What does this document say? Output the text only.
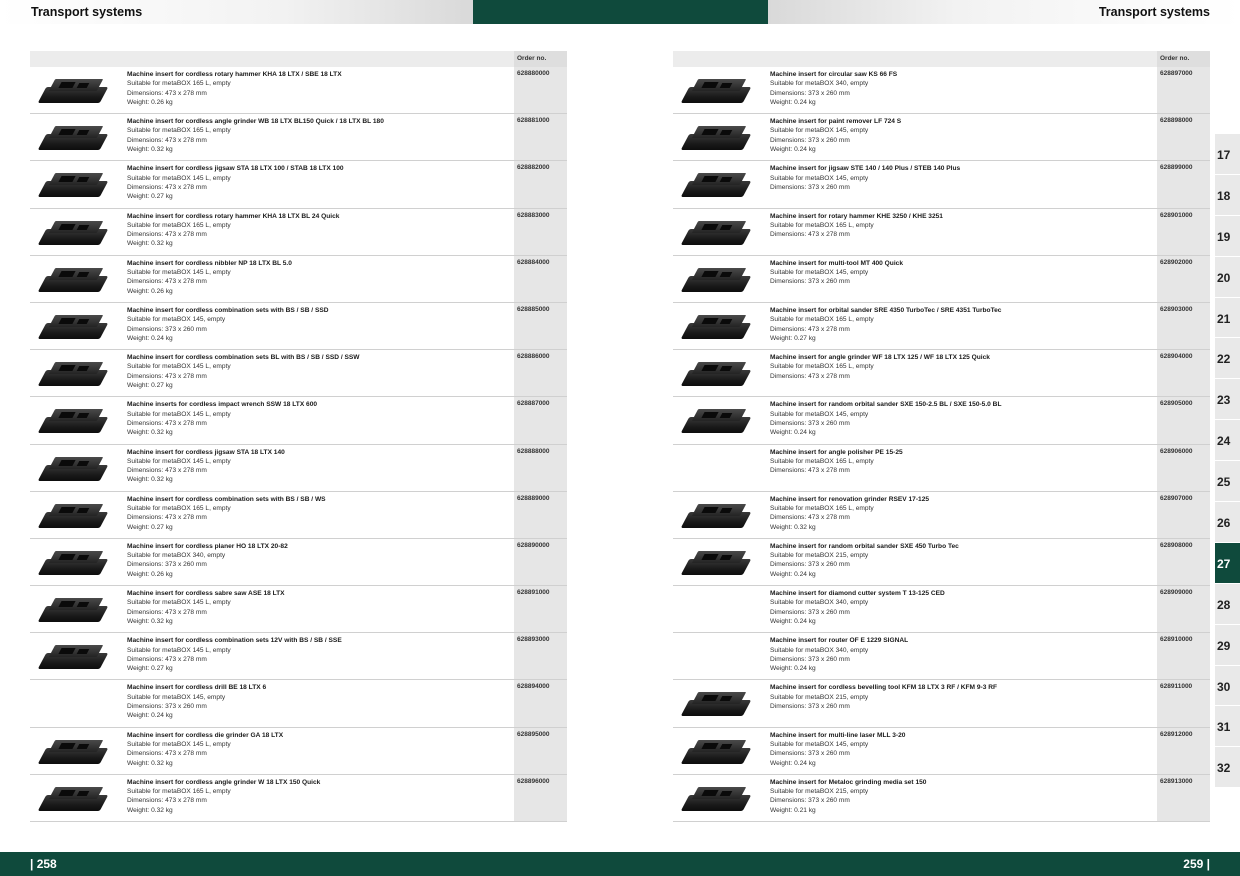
Transport systems	Transport systems
Order no.
Machine insert for cordless rotary hammer KHA 18 LTX / SBE 18 LTX
Suitable for metaBOX 165 L, empty
Dimensions: 473 x 278 mm
Weight: 0.26 kg
628880000
Machine insert for cordless angle grinder WB 18 LTX BL150 Quick / 18 LTX BL 180
Suitable for metaBOX 165 L, empty
Dimensions: 473 x 278 mm
Weight: 0.32 kg
628881000
Machine insert for cordless jigsaw STA 18 LTX 100 / STAB 18 LTX 100
Suitable for metaBOX 145 L, empty
Dimensions: 473 x 278 mm
Weight: 0.27 kg
628882000
Machine insert for cordless rotary hammer KHA 18 LTX BL 24 Quick
Suitable for metaBOX 165 L, empty
Dimensions: 473 x 278 mm
Weight: 0.32 kg
628883000
Machine insert for cordless nibbler NP 18 LTX BL 5.0
Suitable for metaBOX 145 L, empty
Dimensions: 473 x 278 mm
Weight: 0.26 kg
628884000
Machine insert for cordless combination sets with BS / SB / SSD
Suitable for metaBOX 145, empty
Dimensions: 373 x 260 mm
Weight: 0.24 kg
628885000
Machine insert for cordless combination sets BL with BS / SB / SSD / SSW
Suitable for metaBOX 145 L, empty
Dimensions: 473 x 278 mm
Weight: 0.27 kg
628886000
Machine inserts for cordless impact wrench SSW 18 LTX 600
Suitable for metaBOX 145 L, empty
Dimensions: 473 x 278 mm
Weight: 0.32 kg
628887000
Machine insert for cordless jigsaw STA 18 LTX 140
Suitable for metaBOX 145 L, empty
Dimensions: 473 x 278 mm
Weight: 0.32 kg
628888000
Machine insert for cordless combination sets with BS / SB / WS
Suitable for metaBOX 165 L, empty
Dimensions: 473 x 278 mm
Weight: 0.27 kg
628889000
Machine insert for cordless planer HO 18 LTX 20-82
Suitable for metaBOX 340, empty
Dimensions: 373 x 260 mm
Weight: 0.26 kg
628890000
Machine insert for cordless sabre saw ASE 18 LTX
Suitable for metaBOX 145 L, empty
Dimensions: 473 x 278 mm
Weight: 0.32 kg
628891000
Machine insert for cordless combination sets 12V with BS / SB / SSE
Suitable for metaBOX 145 L, empty
Dimensions: 473 x 278 mm
Weight: 0.27 kg
628893000
Machine insert for cordless drill BE 18 LTX 6
Suitable for metaBOX 145, empty
Dimensions: 373 x 260 mm
Weight: 0.24 kg
628894000
Machine insert for cordless die grinder GA 18 LTX
Suitable for metaBOX 145 L, empty
Dimensions: 473 x 278 mm
Weight: 0.32 kg
628895000
Machine insert for cordless angle grinder W 18 LTX 150 Quick
Suitable for metaBOX 165 L, empty
Dimensions: 473 x 278 mm
Weight: 0.32 kg
628896000
Order no.
Machine insert for circular saw KS 66 FS
Suitable for metaBOX 340, empty
Dimensions: 373 x 260 mm
Weight: 0.24 kg
628897000
Machine insert for paint remover LF 724 S
Suitable for metaBOX 145, empty
Dimensions: 373 x 260 mm
Weight: 0.24 kg
628898000
Machine insert for jigsaw STE 140 / 140 Plus / STEB 140 Plus
Suitable for metaBOX 145, empty
Dimensions: 373 x 260 mm
628899000
Machine insert for rotary hammer KHE 3250 / KHE 3251
Suitable for metaBOX 165 L, empty
Dimensions: 473 x 278 mm
628901000
Machine insert for multi-tool MT 400 Quick
Suitable for metaBOX 145, empty
Dimensions: 373 x 260 mm
628902000
Machine insert for orbital sander SRE 4350 TurboTec / SRE 4351 TurboTec
Suitable for metaBOX 165 L, empty
Dimensions: 473 x 278 mm
Weight: 0.27 kg
628903000
Machine insert for angle grinder WF 18 LTX 125 / WF 18 LTX 125 Quick
Suitable for metaBOX 165 L, empty
Dimensions: 473 x 278 mm
628904000
Machine insert for random orbital sander SXE 150-2.5 BL / SXE 150-5.0 BL
Suitable for metaBOX 145, empty
Dimensions: 373 x 260 mm
Weight: 0.24 kg
628905000
Machine insert for angle polisher PE 15-25
Suitable for metaBOX 165 L, empty
Dimensions: 473 x 278 mm
628906000
Machine insert for renovation grinder RSEV 17-125
Suitable for metaBOX 165 L, empty
Dimensions: 473 x 278 mm
Weight: 0.32 kg
628907000
Machine insert for random orbital sander SXE 450 Turbo Tec
Suitable for metaBOX 215, empty
Dimensions: 373 x 260 mm
Weight: 0.24 kg
628908000
Machine insert for diamond cutter system T 13-125 CED
Suitable for metaBOX 340, empty
Dimensions: 373 x 260 mm
Weight: 0.24 kg
628909000
Machine insert for router OF E 1229 SIGNAL
Suitable for metaBOX 340, empty
Dimensions: 373 x 260 mm
Weight: 0.24 kg
628910000
Machine insert for cordless bevelling tool KFM 18 LTX 3 RF / KFM 9-3 RF
Suitable for metaBOX 215, empty
Dimensions: 373 x 260 mm
628911000
Machine insert for multi-line laser MLL 3-20
Suitable for metaBOX 145, empty
Dimensions: 373 x 260 mm
Weight: 0.24 kg
628912000
Machine insert for Metaloc grinding media set 150
Suitable for metaBOX 215, empty
Dimensions: 373 x 260 mm
Weight: 0.21 kg
628913000
17
18
19
20
21
22
23
24
25
26
27
28
29
30
31
32
| 258	259 |
